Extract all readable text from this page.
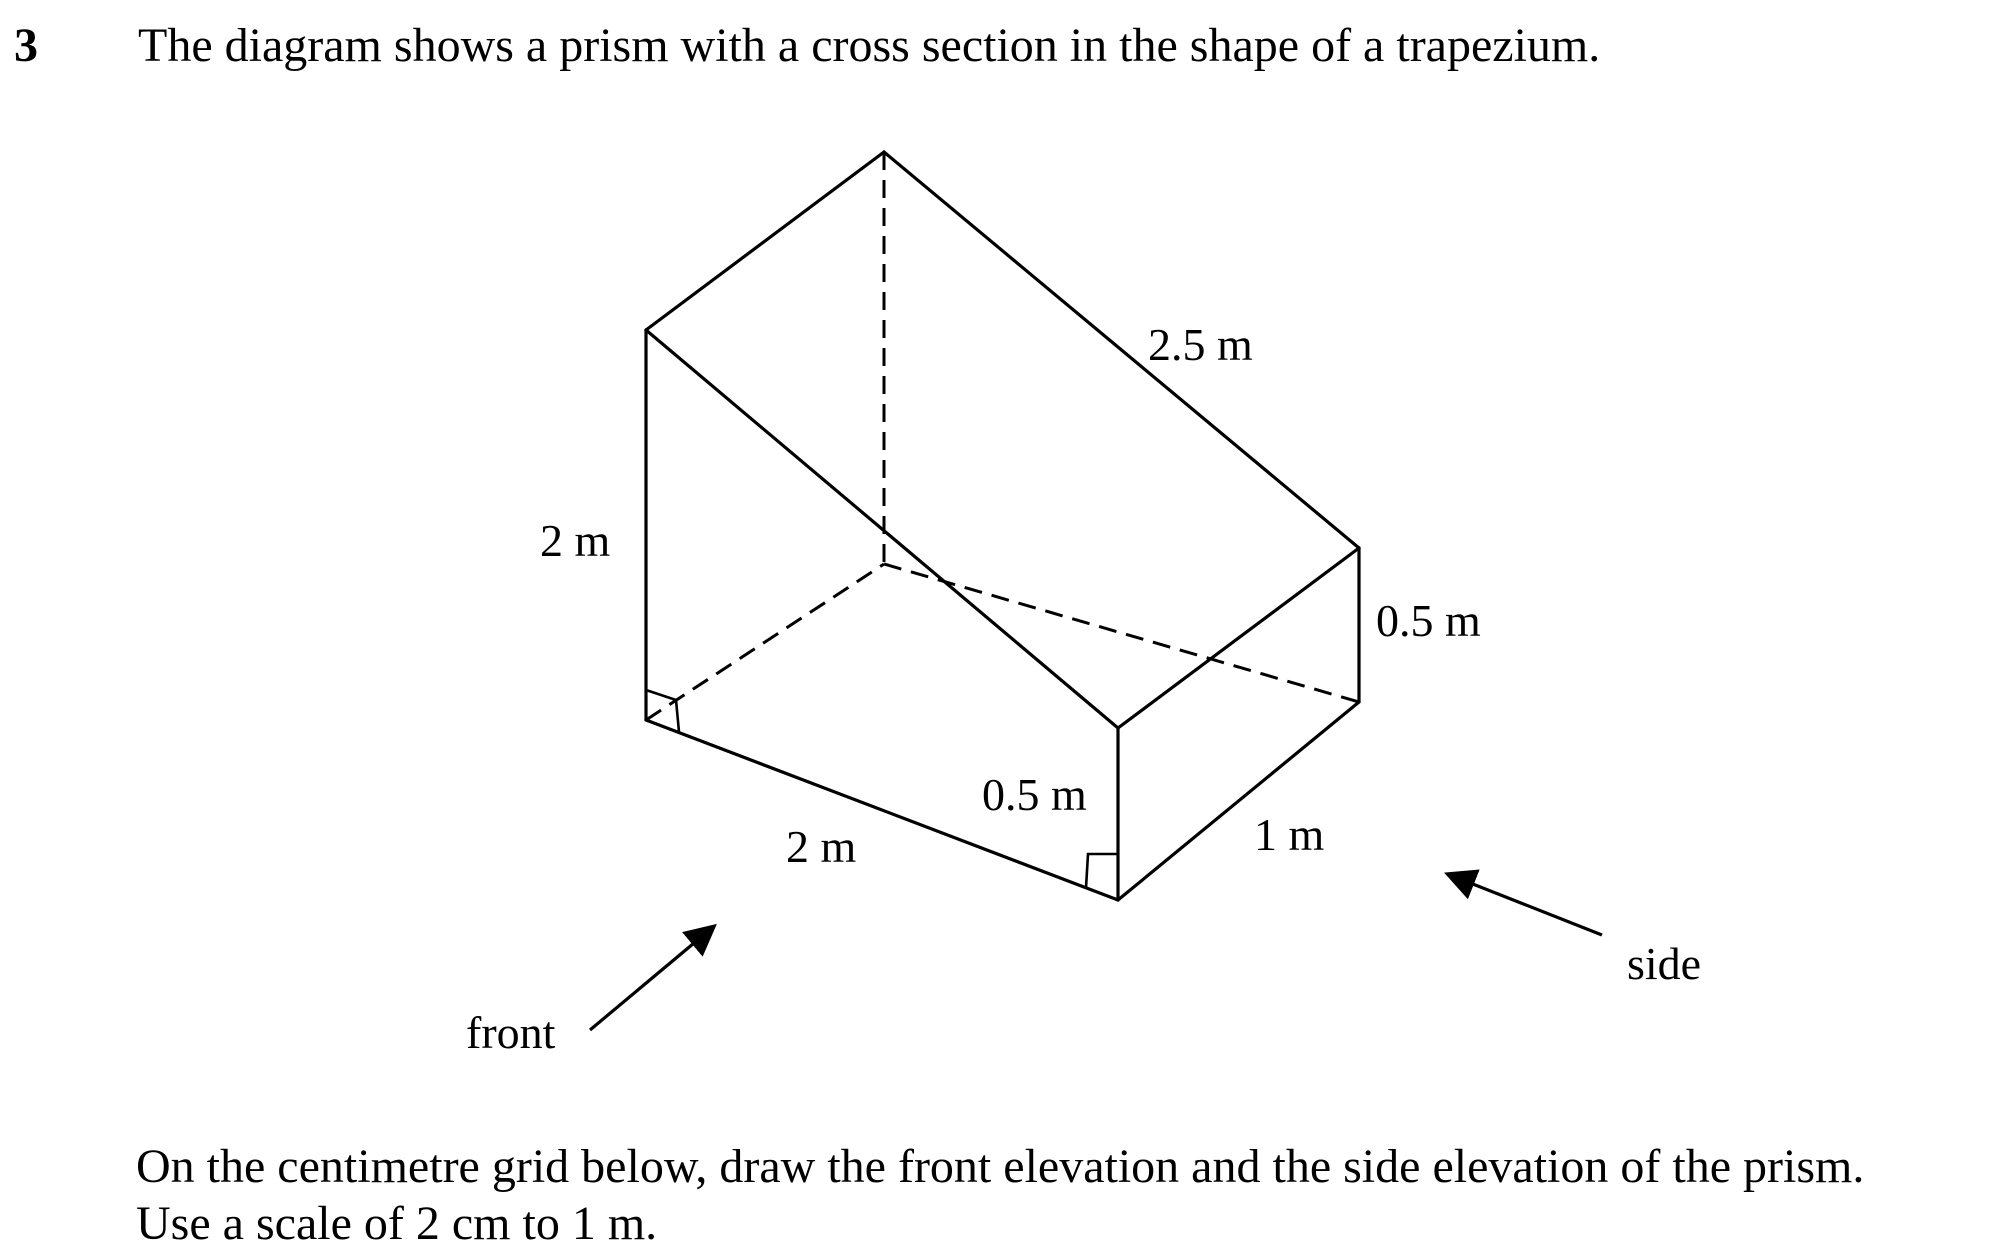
3 The diagram shows a prism with a cross section in the shape of a trapezium.
2 m
2.5 m
0.5 m
0.5 m
2 m	1 m
front
side
On the centimetre grid below, draw the front elevation and the side elevation of the prism.
Use a scale of 2 cm to 1 m.
